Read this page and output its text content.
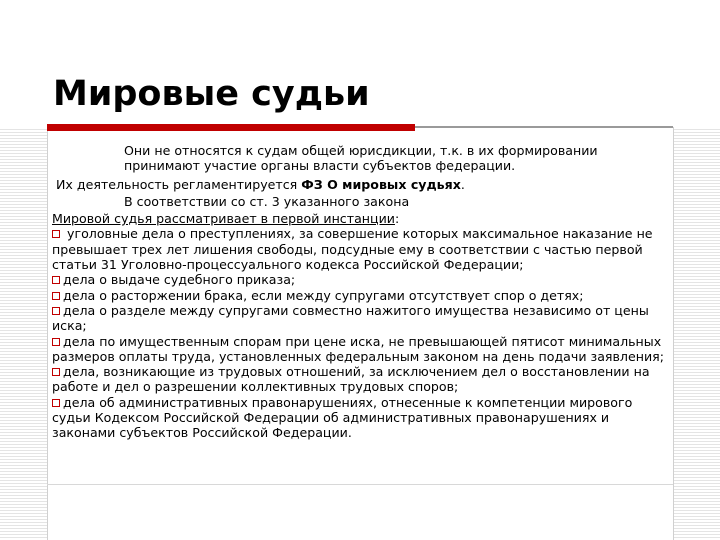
Мировые судьи

Они не относятся к судам общей юрисдикции, т.к. в их формировании принимают участие органы власти субъектов федерации.

Их деятельность регламентируется ФЗ О мировых судьях.

В соответствии со ст. 3 указанного закона

Мировой судья рассматривает в первой инстанции:

уголовные дела о преступлениях, за совершение которых максимальное наказание не превышает трех лет лишения свободы, подсудные ему в соответствии с частью первой статьи 31 Уголовно-процессуального кодекса Российской Федерации;

дела о выдаче судебного приказа;

дела о расторжении брака, если между супругами отсутствует спор о детях;

дела о разделе между супругами совместно нажитого имущества независимо от цены иска;

дела по имущественным спорам при цене иска, не превышающей пятисот минимальных размеров оплаты труда, установленных федеральным законом на день подачи заявления;

дела, возникающие из трудовых отношений, за исключением дел о восстановлении на работе и дел о разрешении коллективных трудовых споров;

дела об административных правонарушениях, отнесенные к компетенции мирового судьи Кодексом Российской Федерации об административных правонарушениях и законами субъектов Российской Федерации.
